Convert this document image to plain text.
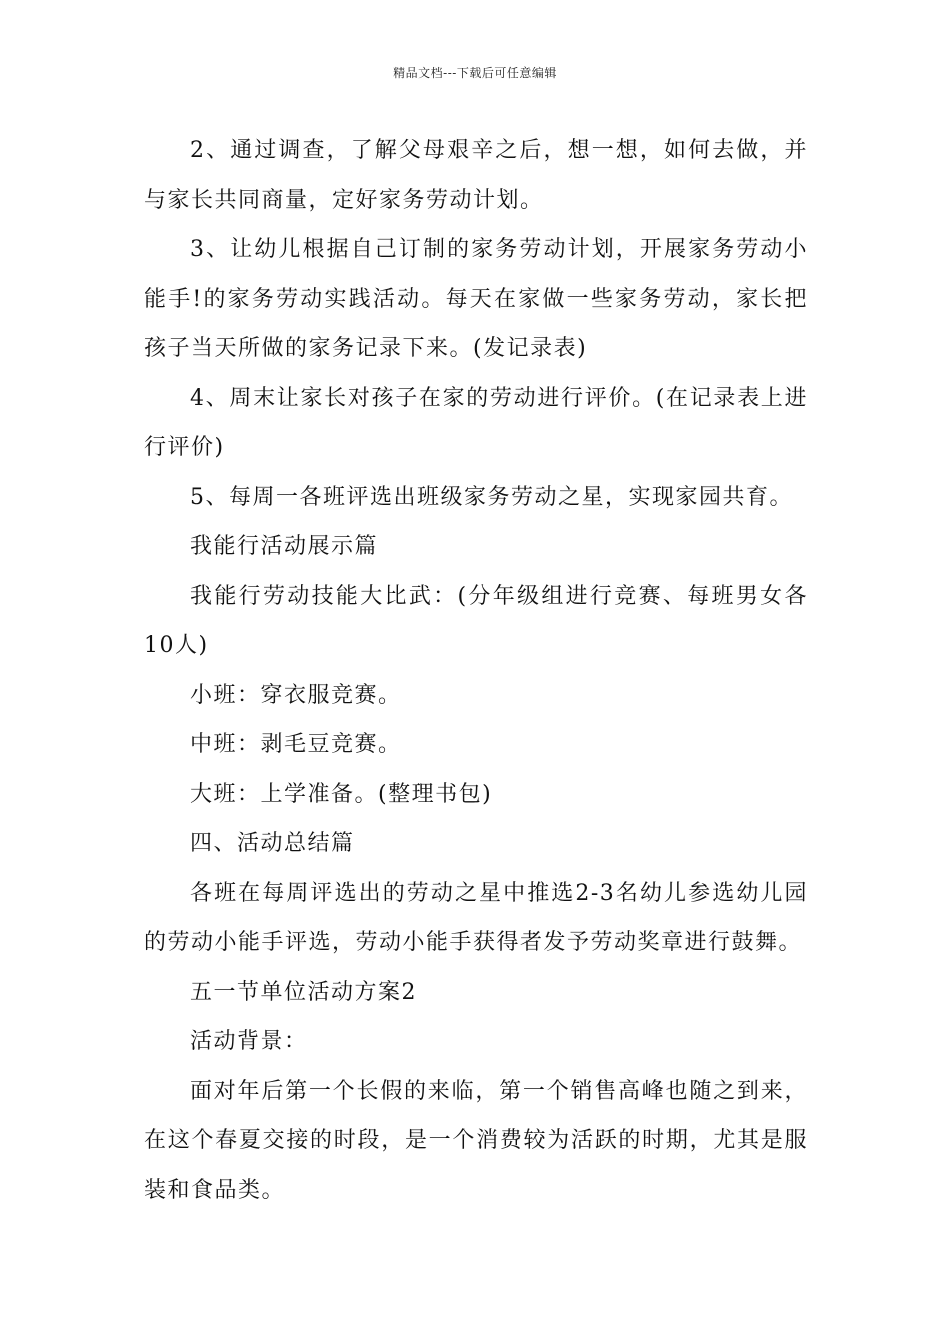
精品文档---下载后可任意编辑

2、通过调查，了解父母艰辛之后，想一想，如何去做，并与家长共同商量，定好家务劳动计划。

3、让幼儿根据自己订制的家务劳动计划，开展家务劳动小能手!的家务劳动实践活动。每天在家做一些家务劳动，家长把孩子当天所做的家务记录下来。(发记录表)

4、周末让家长对孩子在家的劳动进行评价。(在记录表上进行评价)

5、每周一各班评选出班级家务劳动之星，实现家园共育。

我能行活动展示篇

我能行劳动技能大比武：(分年级组进行竞赛、每班男女各10人)

小班：穿衣服竞赛。

中班：剥毛豆竞赛。

大班：上学准备。(整理书包)

四、活动总结篇

各班在每周评选出的劳动之星中推选2-3名幼儿参选幼儿园的劳动小能手评选，劳动小能手获得者发予劳动奖章进行鼓舞。

五一节单位活动方案2

活动背景：

面对年后第一个长假的来临，第一个销售高峰也随之到来，在这个春夏交接的时段，是一个消费较为活跃的时期，尤其是服装和食品类。
